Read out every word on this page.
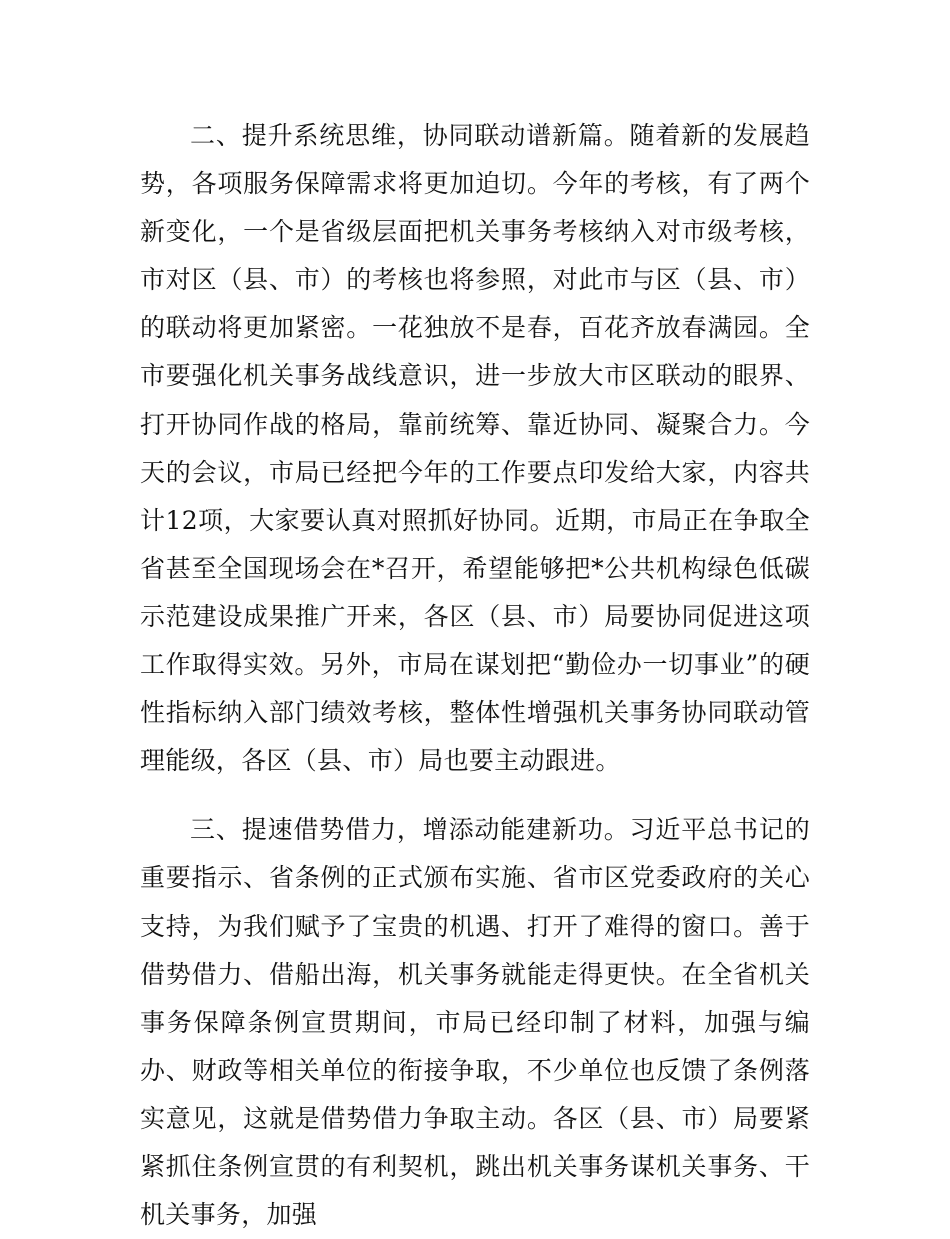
二、提升系统思维，协同联动谱新篇。随着新的发展趋势，各项服务保障需求将更加迫切。今年的考核，有了两个新变化，一个是省级层面把机关事务考核纳入对市级考核，市对区（县、市）的考核也将参照，对此市与区（县、市）的联动将更加紧密。一花独放不是春，百花齐放春满园。全市要强化机关事务战线意识，进一步放大市区联动的眼界、打开协同作战的格局，靠前统筹、靠近协同、凝聚合力。今天的会议，市局已经把今年的工作要点印发给大家，内容共计12项，大家要认真对照抓好协同。近期，市局正在争取全省甚至全国现场会在*召开，希望能够把*公共机构绿色低碳示范建设成果推广开来，各区（县、市）局要协同促进这项工作取得实效。另外，市局在谋划把“勤俭办一切事业”的硬性指标纳入部门绩效考核，整体性增强机关事务协同联动管理能级，各区（县、市）局也要主动跟进。

三、提速借势借力，增添动能建新功。习近平总书记的重要指示、省条例的正式颁布实施、省市区党委政府的关心支持，为我们赋予了宝贵的机遇、打开了难得的窗口。善于借势借力、借船出海，机关事务就能走得更快。在全省机关事务保障条例宣贯期间，市局已经印制了材料，加强与编办、财政等相关单位的衔接争取，不少单位也反馈了条例落实意见，这就是借势借力争取主动。各区（县、市）局要紧紧抓住条例宣贯的有利契机，跳出机关事务谋机关事务、干机关事务，加强
